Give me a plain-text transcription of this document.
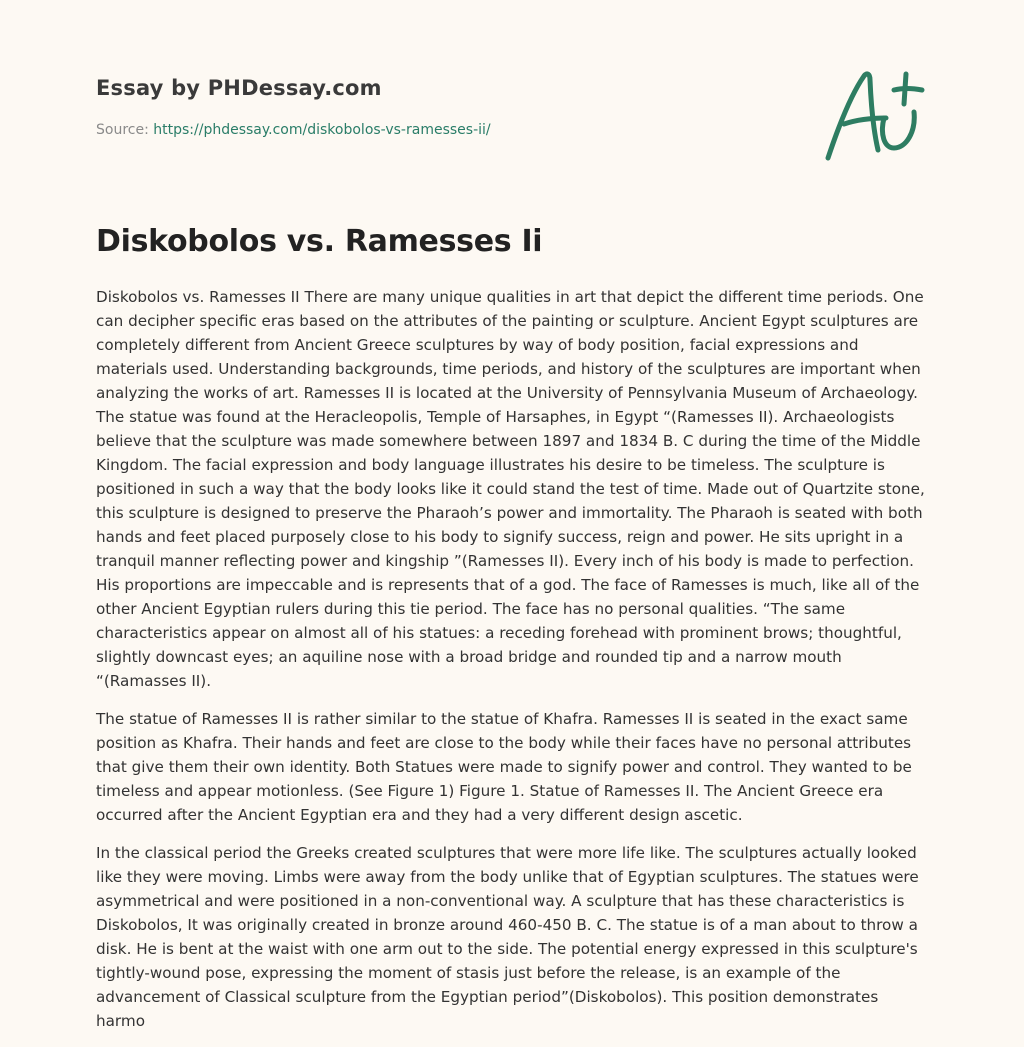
Essay by PHDessay.com
Source: https://phdessay.com/diskobolos-vs-ramesses-ii/
Diskobolos vs. Ramesses Ii

Diskobolos vs. Ramesses II There are many unique qualities in art that depict the different time periods. One can decipher specific eras based on the attributes of the painting or sculpture. Ancient Egypt sculptures are completely different from Ancient Greece sculptures by way of body position, facial expressions and materials used. Understanding backgrounds, time periods, and history of the sculptures are important when analyzing the works of art. Ramesses II is located at the University of Pennsylvania Museum of Archaeology. The statue was found at the Heracleopolis, Temple of Harsaphes, in Egypt “(Ramesses II). Archaeologists believe that the sculpture was made somewhere between 1897 and 1834 B. C during the time of the Middle Kingdom. The facial expression and body language illustrates his desire to be timeless. The sculpture is positioned in such a way that the body looks like it could stand the test of time. Made out of Quartzite stone, this sculpture is designed to preserve the Pharaoh’s power and immortality. The Pharaoh is seated with both hands and feet placed purposely close to his body to signify success, reign and power. He sits upright in a tranquil manner reflecting power and kingship ”(Ramesses II). Every inch of his body is made to perfection. His proportions are impeccable and is represents that of a god. The face of Ramesses is much, like all of the other Ancient Egyptian rulers during this tie period. The face has no personal qualities. “The same characteristics appear on almost all of his statues: a receding forehead with prominent brows; thoughtful, slightly downcast eyes; an aquiline nose with a broad bridge and rounded tip and a narrow mouth “(Ramasses II).

The statue of Ramesses II is rather similar to the statue of Khafra. Ramesses II is seated in the exact same position as Khafra. Their hands and feet are close to the body while their faces have no personal attributes that give them their own identity. Both Statues were made to signify power and control. They wanted to be timeless and appear motionless. (See Figure 1) Figure 1. Statue of Ramesses II. The Ancient Greece era occurred after the Ancient Egyptian era and they had a very different design ascetic.

In the classical period the Greeks created sculptures that were more life like. The sculptures actually looked like they were moving. Limbs were away from the body unlike that of Egyptian sculptures. The statues were asymmetrical and were positioned in a non-conventional way. A sculpture that has these characteristics is Diskobolos, It was originally created in bronze around 460-450 B. C. The statue is of a man about to throw a disk. He is bent at the waist with one arm out to the side. The potential energy expressed in this sculpture's tightly-wound pose, expressing the moment of stasis just before the release, is an example of the advancement of Classical sculpture from the Egyptian period”(Diskobolos). This position demonstrates harmo
